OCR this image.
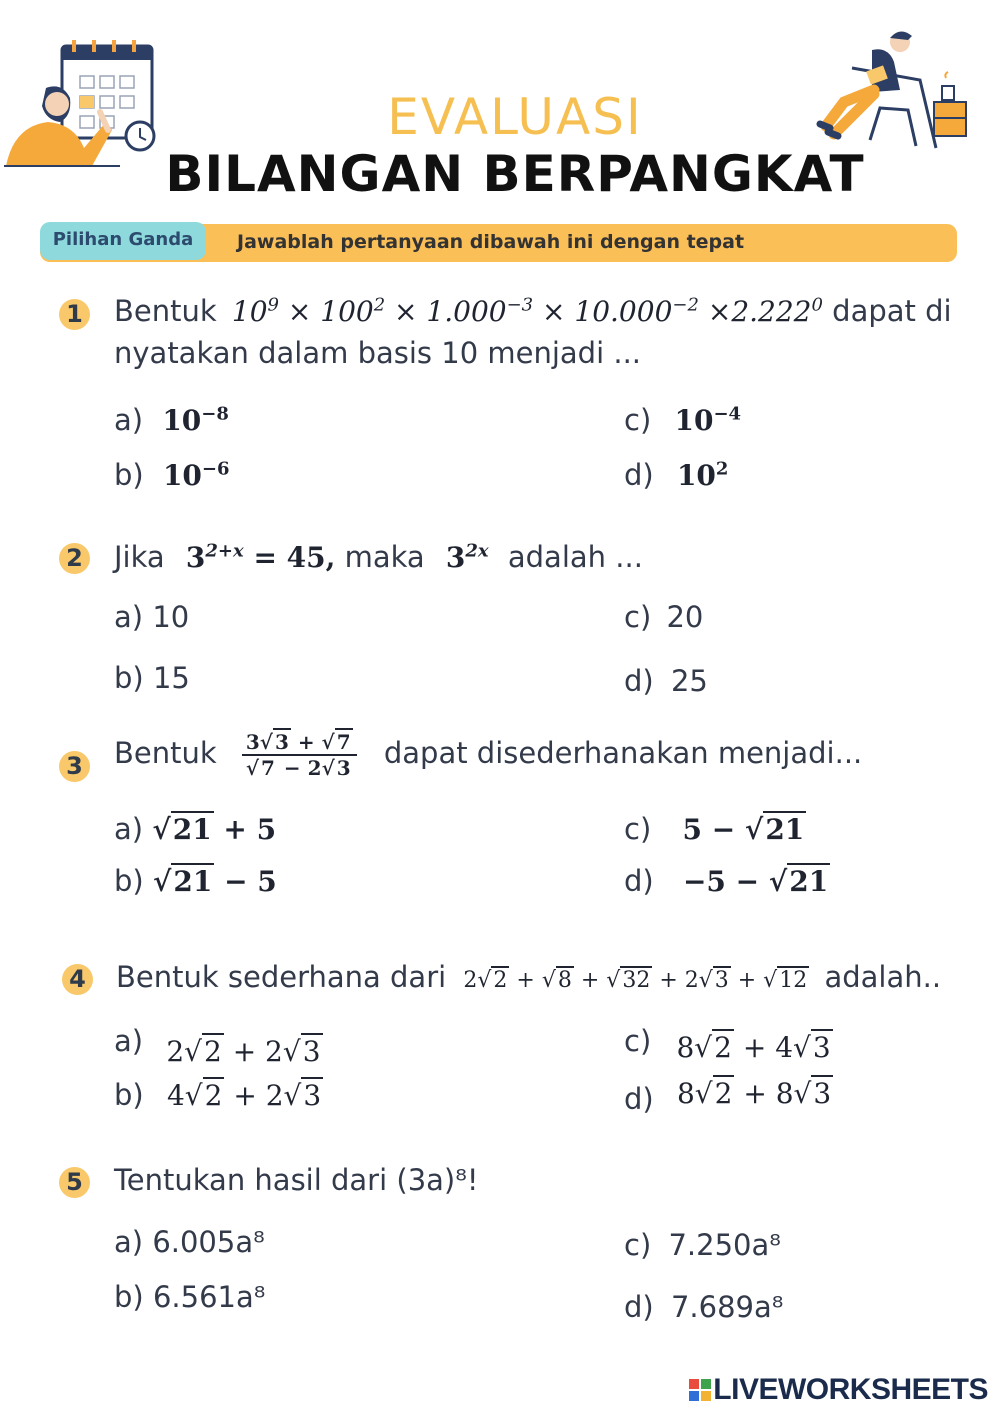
EVALUASI
BILANGAN BERPANGKAT
Pilihan Ganda	Jawablah pertanyaan dibawah ini dengan tepat
1 Bentuk $10^9 \times 100^2 \times 1.000^{-3} \times 10.000^{-2} \times 2.222^0$ dapat di
nyatakan dalam basis 10 menjadi ...
a) $10^{-8}$
b) $10^{-6}$
c) $10^{-4}$
d) $10^2$
2 Jika $3^{2+x} = 45$, maka $3^{2x}$ adalah ...
a) 10
b) 15
c) 20
d) 25
3 Bentuk $\frac{3√ 3 + √ 7}{√ 7 - 2√ 3}$ dapat disederhanakan menjadi...
a) √21 + 5
b) √21 − 5
c) 5 − √21
d) −5 − √21
4 Bentuk sederhana dari 2√2 + √8 + √32 + 2√3 + √12 adalah..
a) 2√2 + 2√3
b) 4√2 + 2√3
c) 8√2 + 4√3
d) 8√2 + 8√3
5 Tentukan hasil dari (3a)⁸!
a) 6.005a⁸
b) 6.561a⁸
c) 7.250a⁸
d) 7.689a⁸
LIVEWORKSHEETS
